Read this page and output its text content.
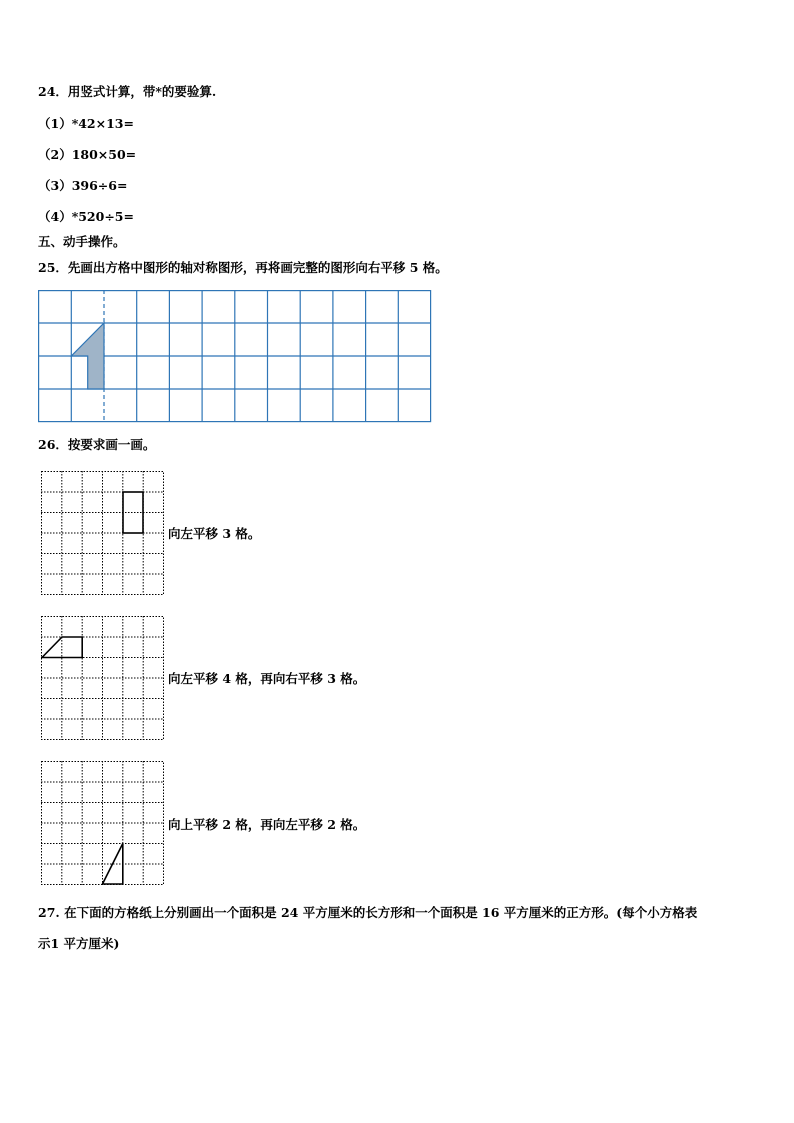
24．用竖式计算，带*的要验算.
（1）*42×13=
（2）180×50=
（3）396÷6=
（4）*520÷5=
五、动手操作。
25．先画出方格中图形的轴对称图形，再将画完整的图形向右平移 5 格。
26．按要求画一画。
向左平移 3 格。
向左平移 4 格，再向右平移 3 格。
向上平移 2 格，再向左平移 2 格。
27. 在下面的方格纸上分别画出一个面积是 24 平方厘米的长方形和一个面积是 16 平方厘米的正方形。(每个小方格表
示1 平方厘米)
